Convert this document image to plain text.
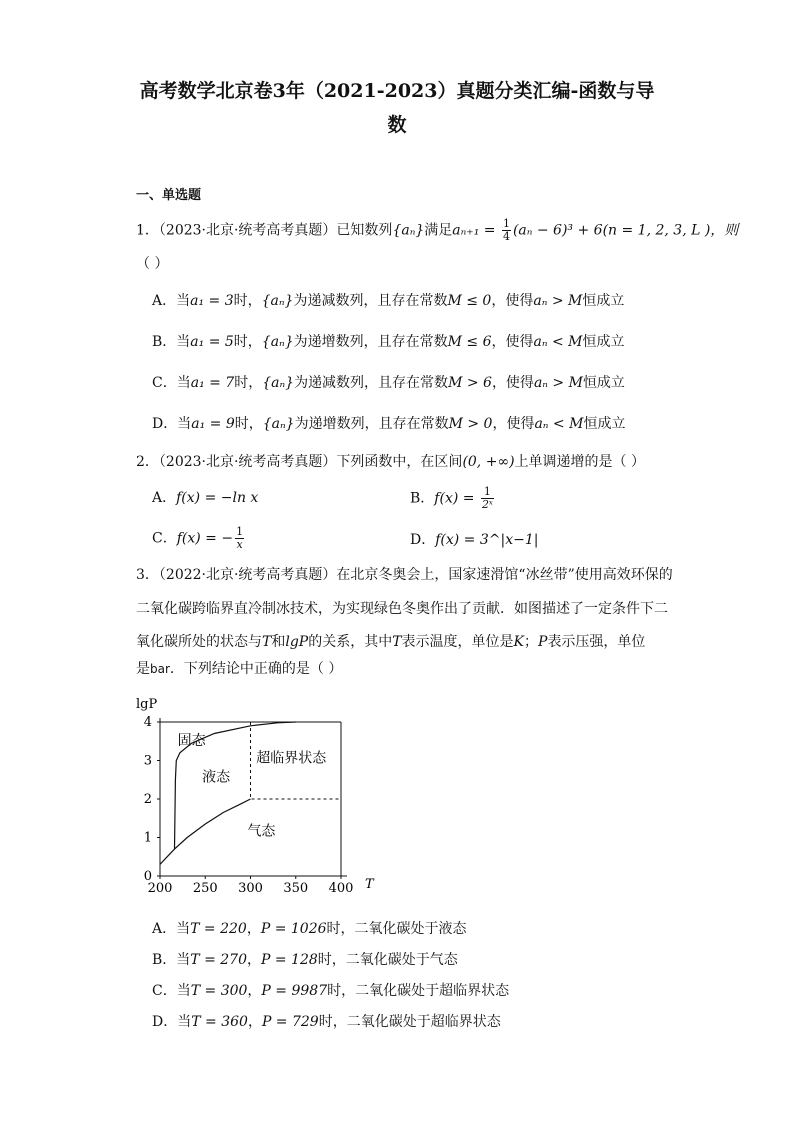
高考数学北京卷3年（2021-2023）真题分类汇编-函数与导
数
一、单选题
1．（2023·北京·统考高考真题）已知数列{aₙ}满足$a_{n+1} = \frac{1}{4} (a_n - 6)^3 + 6(n = 1$, 2, 3, L )，则
（ ）
A．当a₁ = 3时，{aₙ}为递减数列，且存在常数M ≤ 0，使得aₙ > M恒成立
B．当a₁ = 5时，{aₙ}为递增数列，且存在常数M ≤ 6，使得aₙ < M恒成立
C．当a₁ = 7时，{aₙ}为递减数列，且存在常数M > 6，使得aₙ > M恒成立
D．当a₁ = 9时，{aₙ}为递增数列，且存在常数M > 0，使得aₙ < M恒成立
2．（2023·北京·统考高考真题）下列函数中，在区间(0, +∞)上单调递增的是（ ）
A．f(x) = −ln x	B．$f(x) = \frac{1}{\text{2ˣ}}$
C．f(x) = − $\frac{1}{x}$	D．f(x) = 3^|x−1|
3．（2022·北京·统考高考真题）在北京冬奥会上，国家速滑馆“冰丝带”使用高效环保的
二氧化碳跨临界直冷制冰技术，为实现绿色冬奥作出了贡献．如图描述了一定条件下二
氧化碳所处的状态与T和lgP的关系，其中T表示温度，单位是K；P表示压强，单位
是bar．下列结论中正确的是（ ）
200 250 300 350 400
0
1
2
3
4
lgP
T
固态
液态
超临界状态
气态
A．当T = 220，P = 1026时，二氧化碳处于液态
B．当T = 270，P = 128时，二氧化碳处于气态
C．当T = 300，P = 9987时，二氧化碳处于超临界状态
D．当T = 360，P = 729时，二氧化碳处于超临界状态
